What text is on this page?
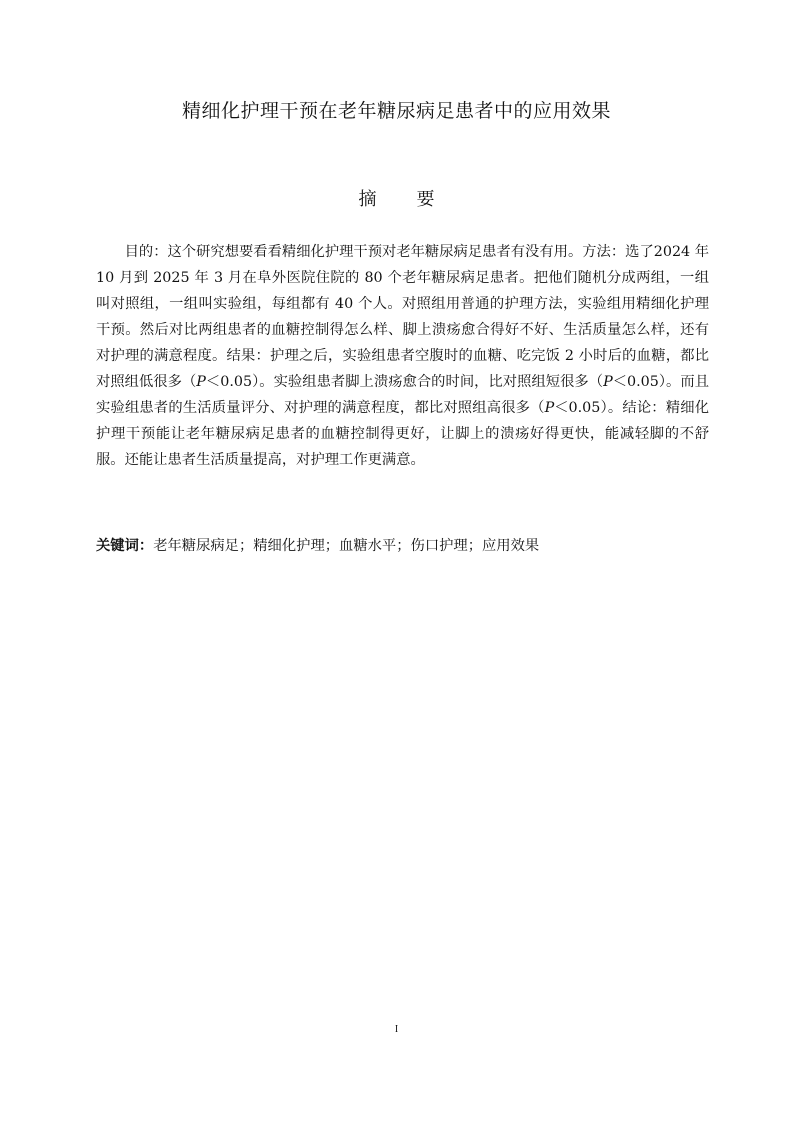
精细化护理干预在老年糖尿病足患者中的应用效果
摘 要

目的：这个研究想要看看精细化护理干预对老年糖尿病足患者有没有用。方法：选了2024 年 10 月到 2025 年 3 月在阜外医院住院的 80 个老年糖尿病足患者。把他们随机分成两组，一组叫对照组，一组叫实验组，每组都有 40 个人。对照组用普通的护理方法，实验组用精细化护理干预。然后对比两组患者的血糖控制得怎么样、脚上溃疡愈合得好不好、生活质量怎么样，还有对护理的满意程度。结果：护理之后，实验组患者空腹时的血糖、吃完饭 2 小时后的血糖，都比对照组低很多（P＜0.05）。实验组患者脚上溃疡愈合的时间，比对照组短很多（P＜0.05）。而且实验组患者的生活质量评分、对护理的满意程度，都比对照组高很多（P＜0.05）。结论：精细化护理干预能让老年糖尿病足患者的血糖控制得更好，让脚上的溃疡好得更快，能减轻脚的不舒服。还能让患者生活质量提高，对护理工作更满意。

关键词：老年糖尿病足；精细化护理；血糖水平；伤口护理；应用效果

I
